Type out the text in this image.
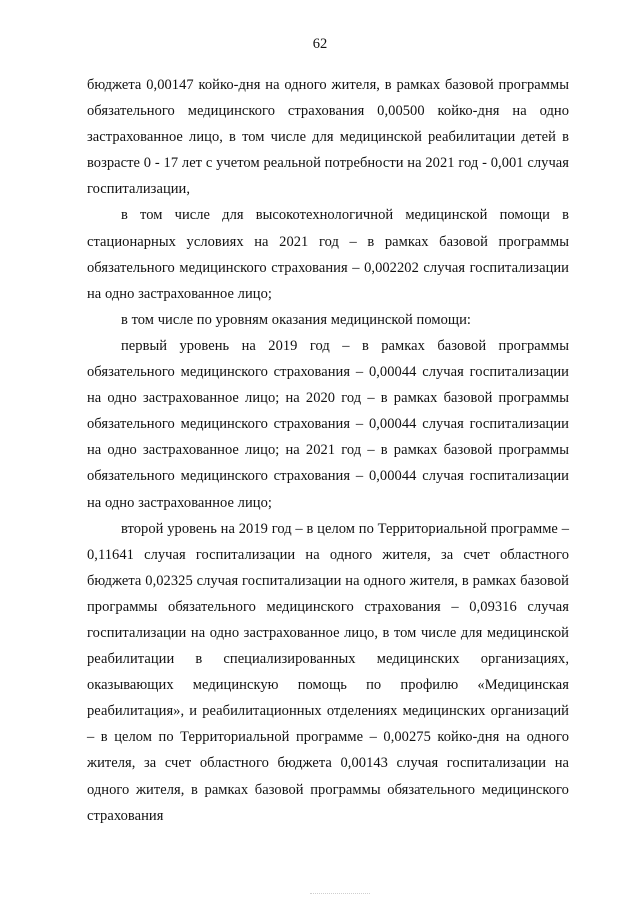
62

бюджета 0,00147 койко-дня на одного жителя, в рамках базовой программы обязательного медицинского страхования 0,00500 койко-дня на одно застрахованное лицо, в том числе для медицинской реабилитации детей в возрасте 0 - 17 лет с учетом реальной потребности на 2021 год - 0,001 случая госпитализации,

в том числе для высокотехнологичной медицинской помощи в стационарных условиях на 2021 год – в рамках базовой программы обязательного медицинского страхования – 0,002202 случая госпитализации на одно застрахованное лицо;

в том числе по уровням оказания медицинской помощи:

первый уровень на 2019 год – в рамках базовой программы обязательного медицинского страхования – 0,00044 случая госпитализации на одно застрахованное лицо; на 2020 год – в рамках базовой программы обязательного медицинского страхования – 0,00044 случая госпитализации на одно застрахованное лицо; на 2021 год – в рамках базовой программы обязательного медицинского страхования – 0,00044 случая госпитализации на одно застрахованное лицо;

второй уровень на 2019 год – в целом по Территориальной программе – 0,11641 случая госпитализации на одного жителя, за счет областного бюджета 0,02325 случая госпитализации на одного жителя, в рамках базовой программы обязательного медицинского страхования – 0,09316 случая госпитализации на одно застрахованное лицо, в том числе для медицинской реабилитации в специализированных медицинских организациях, оказывающих медицинскую помощь по профилю «Медицинская реабилитация», и реабилитационных отделениях медицинских организаций – в целом по Территориальной программе – 0,00275 койко-дня на одного жителя, за счет областного бюджета 0,00143 случая госпитализации на одного жителя, в рамках базовой программы обязательного медицинского страхования
